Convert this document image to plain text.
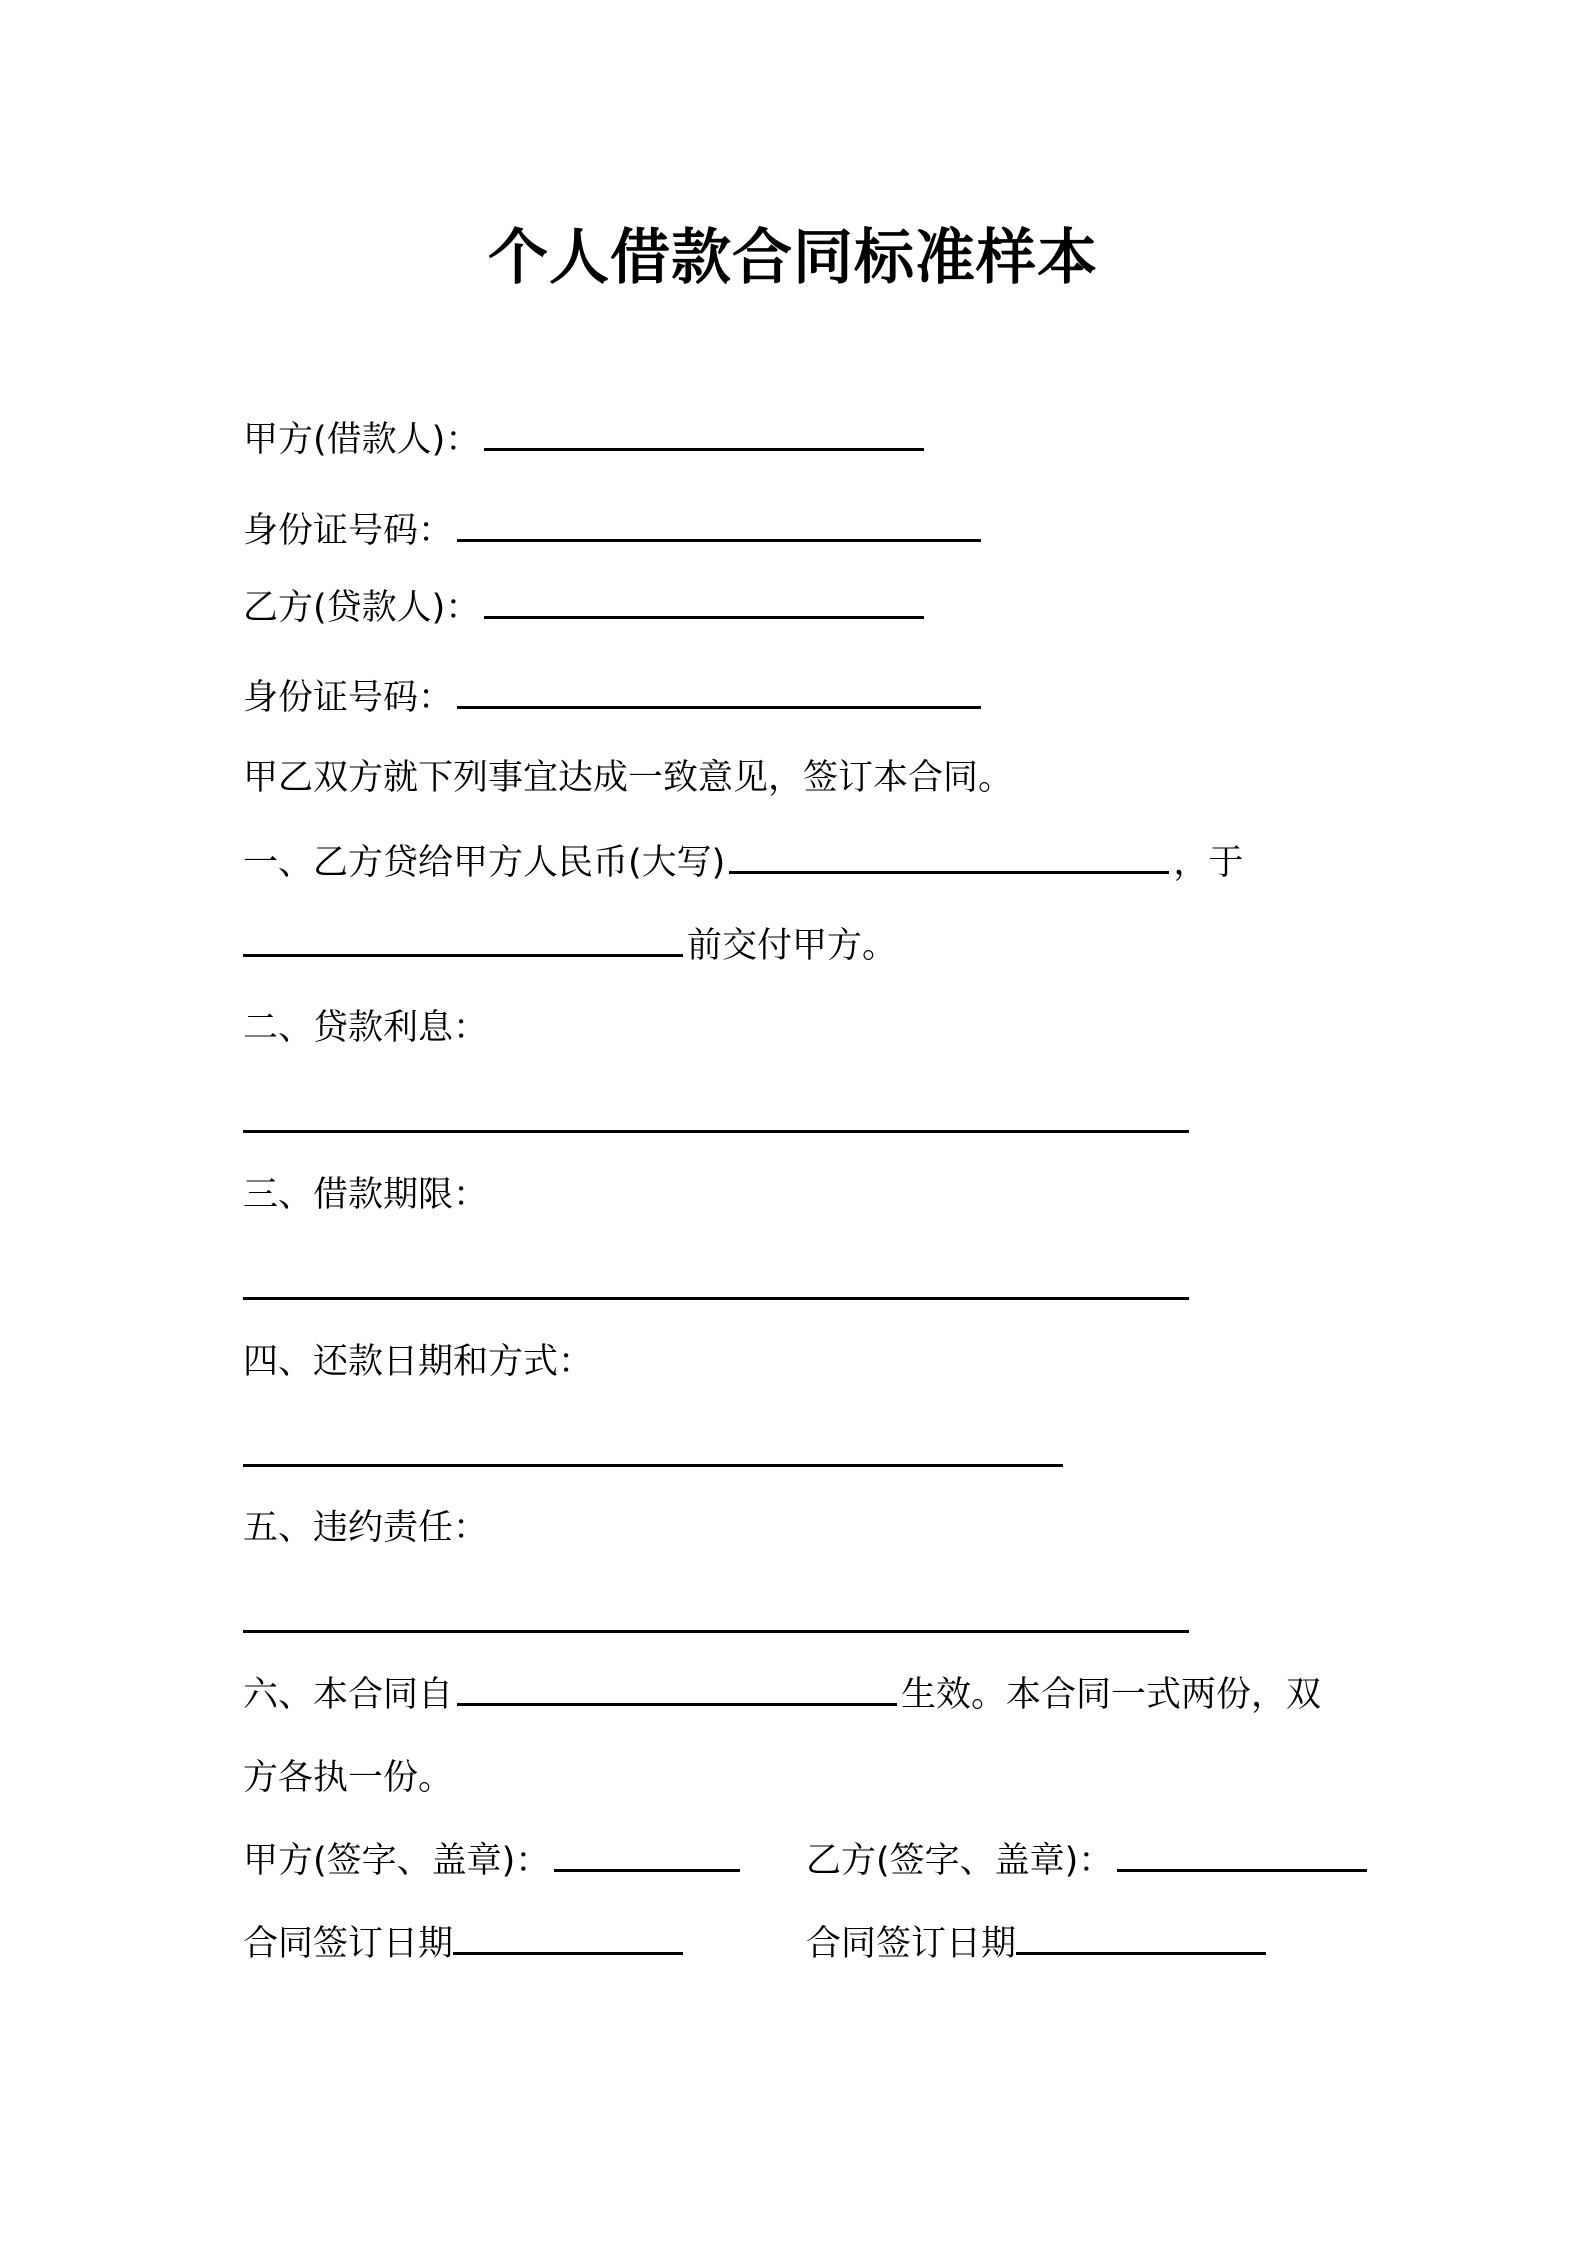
个人借款合同标准样本
甲方(借款人)：
身份证号码：
乙方(贷款人)：
身份证号码：
甲乙双方就下列事宜达成一致意见，签订本合同。
一、乙方贷给甲方人民币(大写)	，于
前交付甲方。
二、贷款利息：
三、借款期限：
四、还款日期和方式：
五、违约责任：
六、本合同自	生效。本合同一式两份，双
方各执一份。
甲方(签字、盖章)：	乙方(签字、盖章)：
合同签订日期	合同签订日期
